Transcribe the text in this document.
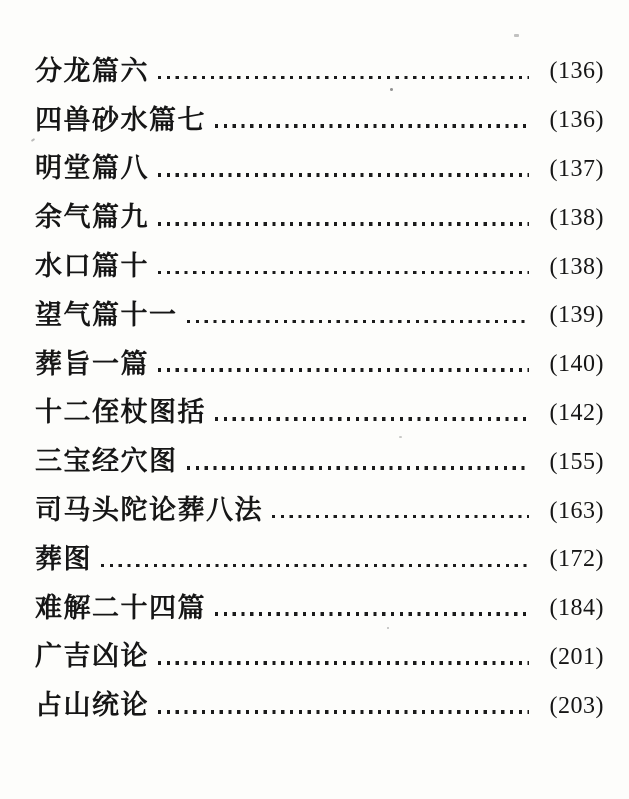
分龙篇六	(136)
四兽砂水篇七	(136)
明堂篇八	(137)
余气篇九	(138)
水口篇十	(138)
望气篇十一	(139)
葬旨一篇	(140)
十二侄杖图括	(142)
三宝经穴图	(155)
司马头陀论葬八法	(163)
葬图	(172)
难解二十四篇	(184)
广吉凶论	(201)
占山统论	(203)
